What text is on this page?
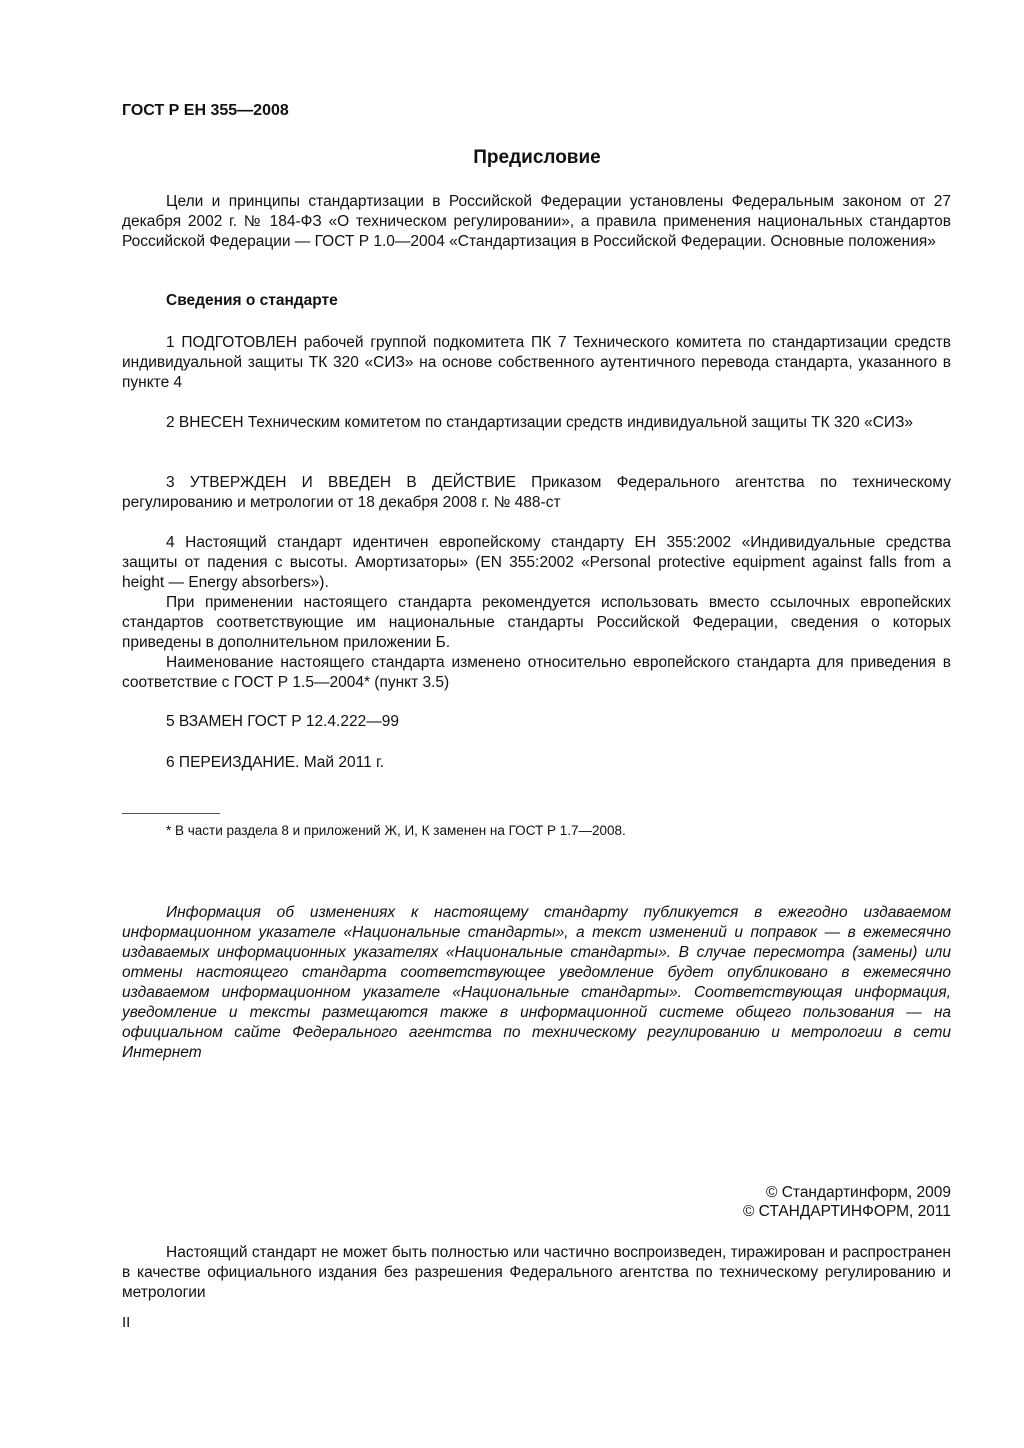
ГОСТ Р ЕН 355—2008
Предисловие

Цели и принципы стандартизации в Российской Федерации установлены Федеральным законом от 27 декабря 2002 г. № 184-ФЗ «О техническом регулировании», а правила применения национальных стандартов Российской Федерации — ГОСТ Р 1.0—2004 «Стандартизация в Российской Федерации. Основные положения»

Сведения о стандарте

1 ПОДГОТОВЛЕН рабочей группой подкомитета ПК 7 Технического комитета по стандартизации средств индивидуальной защиты ТК 320 «СИЗ» на основе собственного аутентичного перевода стандарта, указанного в пункте 4

2 ВНЕСЕН Техническим комитетом по стандартизации средств индивидуальной защиты ТК 320 «СИЗ»

3 УТВЕРЖДЕН И ВВЕДЕН В ДЕЙСТВИЕ Приказом Федерального агентства по техническому регулированию и метрологии от 18 декабря 2008 г. № 488-ст

4 Настоящий стандарт идентичен европейскому стандарту ЕН 355:2002 «Индивидуальные средства защиты от падения с высоты. Амортизаторы» (EN 355:2002 «Personal protective equipment against falls from a height — Energy absorbers»).

При применении настоящего стандарта рекомендуется использовать вместо ссылочных европейских стандартов соответствующие им национальные стандарты Российской Федерации, сведения о которых приведены в дополнительном приложении Б.

Наименование настоящего стандарта изменено относительно европейского стандарта для приведения в соответствие с ГОСТ Р 1.5—2004* (пункт 3.5)

5 ВЗАМЕН ГОСТ Р 12.4.222—99

6 ПЕРЕИЗДАНИЕ. Май 2011 г.

* В части раздела 8 и приложений Ж, И, К заменен на ГОСТ Р 1.7—2008.

Информация об изменениях к настоящему стандарту публикуется в ежегодно издаваемом информационном указателе «Национальные стандарты», а текст изменений и поправок — в ежемесячно издаваемых информационных указателях «Национальные стандарты». В случае пересмотра (замены) или отмены настоящего стандарта соответствующее уведомление будет опубликовано в ежемесячно издаваемом информационном указателе «Национальные стандарты». Соответствующая информация, уведомление и тексты размещаются также в информационной системе общего пользования — на официальном сайте Федерального агентства по техническому регулированию и метрологии в сети Интернет

© Стандартинформ, 2009
© СТАНДАРТИНФОРМ, 2011

Настоящий стандарт не может быть полностью или частично воспроизведен, тиражирован и распространен в качестве официального издания без разрешения Федерального агентства по техническому регулированию и метрологии

II
